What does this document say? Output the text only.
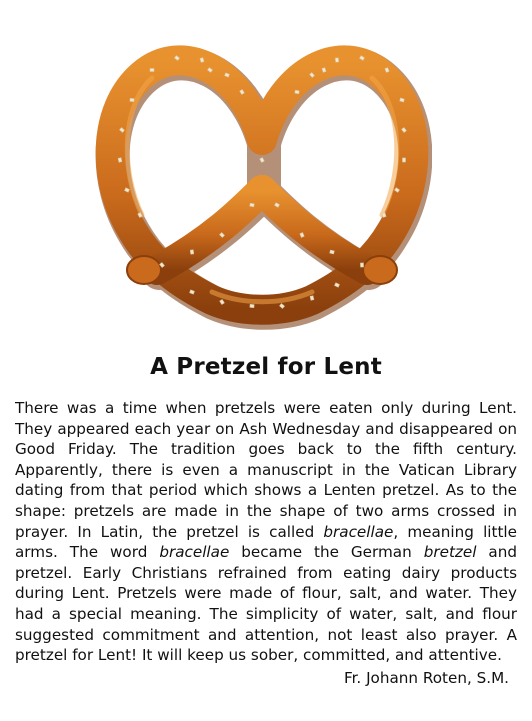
A Pretzel for Lent
There was a time when pretzels were eaten only during Lent. They appeared each year on Ash Wednesday and disappeared on Good Friday. The tradition goes back to the fifth century. Apparently, there is even a manuscript in the Vatican Library dating from that period which shows a Lenten pretzel. As to the shape: pretzels are made in the shape of two arms crossed in prayer. In Latin, the pretzel is called bracellae, meaning little arms. The word bracellae became the German bretzel and pretzel. Early Christians refrained from eating dairy products during Lent. Pretzels were made of flour, salt, and water. They had a special meaning. The simplicity of water, salt, and flour suggested commitment and attention, not least also prayer. A pretzel for Lent! It will keep us sober, committed, and attentive.
Fr. Johann Roten, S.M.
